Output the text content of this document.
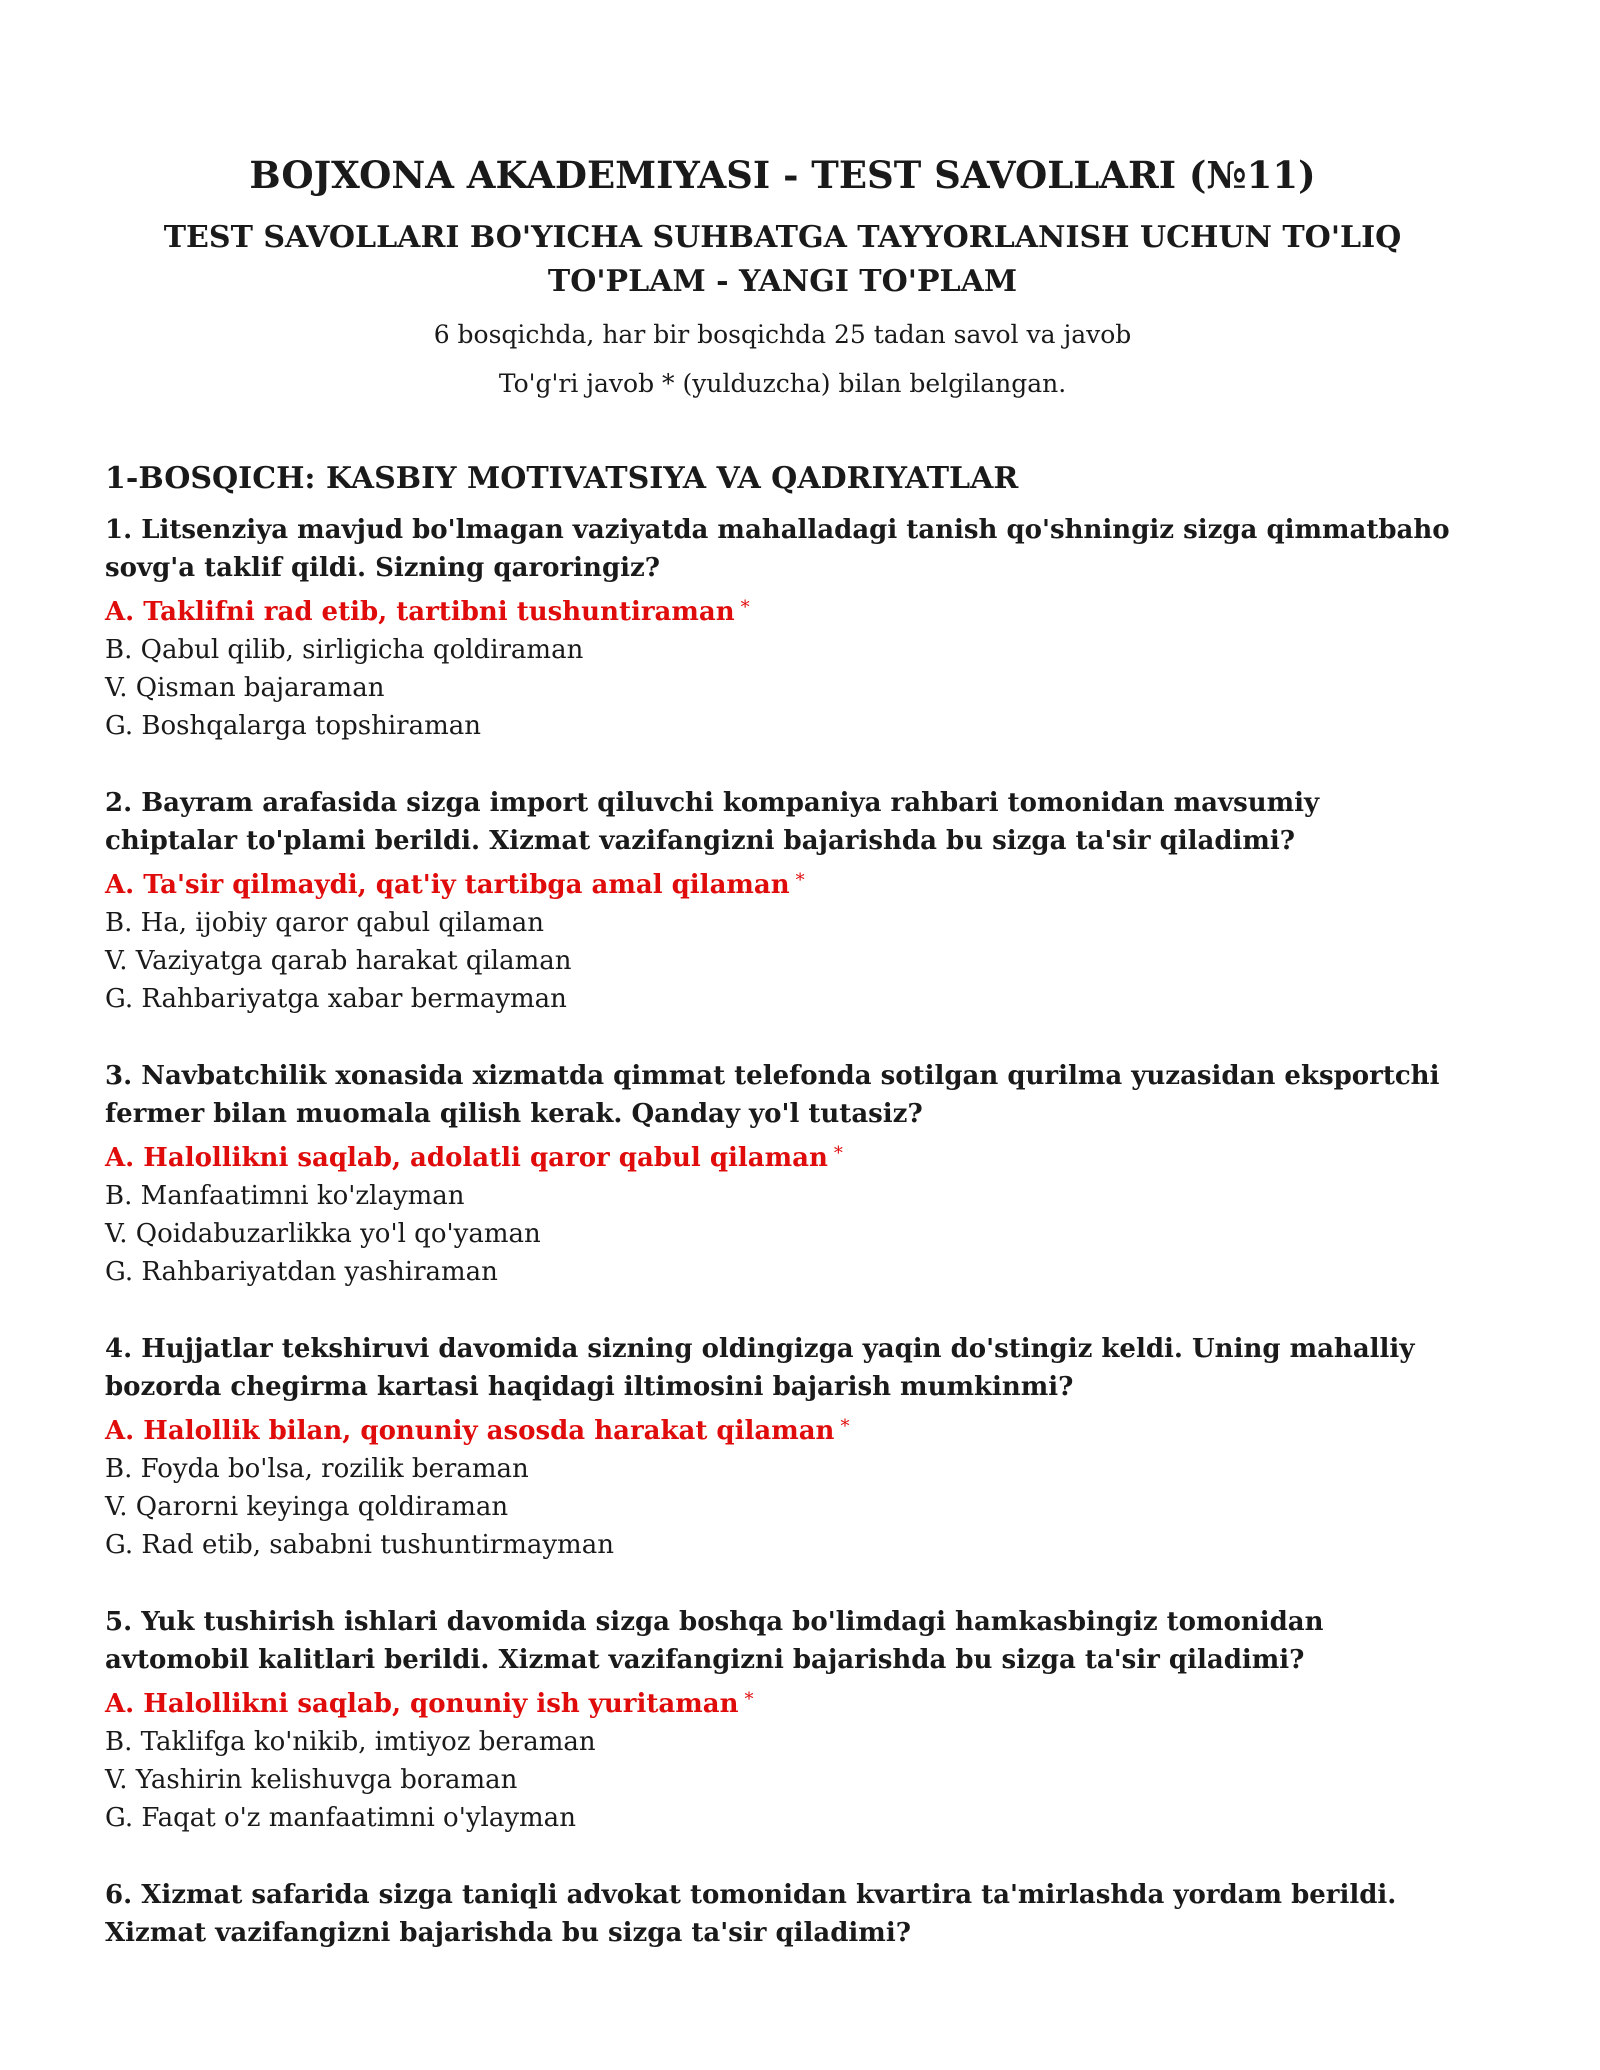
BOJXONA AKADEMIYASI - TEST SAVOLLARI (№11)
TEST SAVOLLARI BO'YICHA SUHBATGA TAYYORLANISH UCHUN TO'LIQ TO'PLAM - YANGI TO'PLAM

6 bosqichda, har bir bosqichda 25 tadan savol va javob

To'g'ri javob * (yulduzcha) bilan belgilangan.

1-BOSQICH: KASBIY MOTIVATSIYA VA QADRIYATLAR

1. Litsenziya mavjud bo'lmagan vaziyatda mahalladagi tanish qo'shningiz sizga qimmatbaho sovg'a taklif qildi. Sizning qaroringiz?

A. Taklifni rad etib, tartibni tushuntiraman *

B. Qabul qilib, sirligicha qoldiraman

V. Qisman bajaraman

G. Boshqalarga topshiraman

2. Bayram arafasida sizga import qiluvchi kompaniya rahbari tomonidan mavsumiy chiptalar to'plami berildi. Xizmat vazifangizni bajarishda bu sizga ta'sir qiladimi?

A. Ta'sir qilmaydi, qat'iy tartibga amal qilaman *

B. Ha, ijobiy qaror qabul qilaman

V. Vaziyatga qarab harakat qilaman

G. Rahbariyatga xabar bermayman

3. Navbatchilik xonasida xizmatda qimmat telefonda sotilgan qurilma yuzasidan eksportchi fermer bilan muomala qilish kerak. Qanday yo'l tutasiz?

A. Halollikni saqlab, adolatli qaror qabul qilaman *

B. Manfaatimni ko'zlayman

V. Qoidabuzarlikka yo'l qo'yaman

G. Rahbariyatdan yashiraman

4. Hujjatlar tekshiruvi davomida sizning oldingizga yaqin do'stingiz keldi. Uning mahalliy bozorda chegirma kartasi haqidagi iltimosini bajarish mumkinmi?

A. Halollik bilan, qonuniy asosda harakat qilaman *

B. Foyda bo'lsa, rozilik beraman

V. Qarorni keyinga qoldiraman

G. Rad etib, sababni tushuntirmayman

5. Yuk tushirish ishlari davomida sizga boshqa bo'limdagi hamkasbingiz tomonidan avtomobil kalitlari berildi. Xizmat vazifangizni bajarishda bu sizga ta'sir qiladimi?

A. Halollikni saqlab, qonuniy ish yuritaman *

B. Taklifga ko'nikib, imtiyoz beraman

V. Yashirin kelishuvga boraman

G. Faqat o'z manfaatimni o'ylayman

6. Xizmat safarida sizga taniqli advokat tomonidan kvartira ta'mirlashda yordam berildi. Xizmat vazifangizni bajarishda bu sizga ta'sir qiladimi?
